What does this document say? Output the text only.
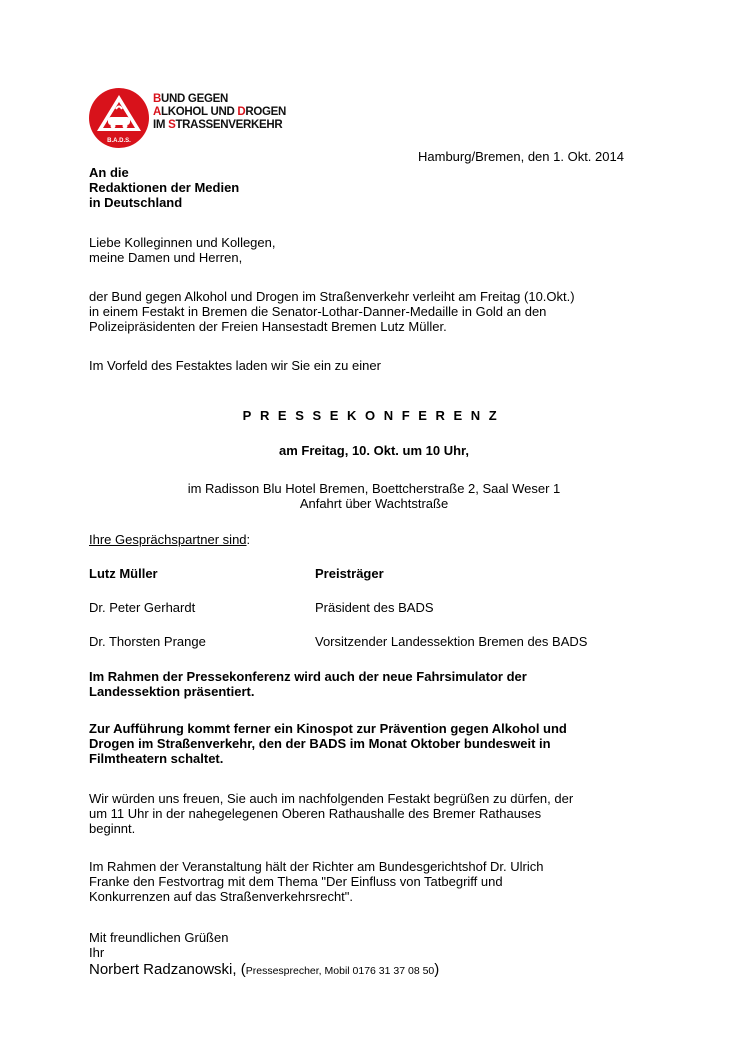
B.A.D.S.
BUND GEGEN
ALKOHOL UND DROGEN
IM STRASSENVERKEHR
Hamburg/Bremen, den 1. Okt. 2014
An die
Redaktionen der Medien
in Deutschland
Liebe Kolleginnen und Kollegen,
meine Damen und Herren,
der Bund gegen Alkohol und Drogen im Straßenverkehr verleiht am Freitag (10.Okt.)
in einem Festakt in Bremen die Senator-Lothar-Danner-Medaille in Gold an den
Polizeipräsidenten der Freien Hansestadt Bremen Lutz Müller.
Im Vorfeld des Festaktes laden wir Sie ein zu einer
PRESSEKONFERENZ
am Freitag, 10. Okt. um 10 Uhr,
im Radisson Blu Hotel Bremen, Boettcherstraße 2, Saal Weser 1
Anfahrt über Wachtstraße
Ihre Gesprächspartner sind:
Lutz Müller	Preisträger
Dr. Peter Gerhardt	Präsident des BADS
Dr. Thorsten Prange	Vorsitzender Landessektion Bremen des BADS
Im Rahmen der Pressekonferenz wird auch der neue Fahrsimulator der
Landessektion präsentiert.
Zur Aufführung kommt ferner ein Kinospot zur Prävention gegen Alkohol und
Drogen im Straßenverkehr, den der BADS im Monat Oktober bundesweit in
Filmtheatern schaltet.
Wir würden uns freuen, Sie auch im nachfolgenden Festakt begrüßen zu dürfen, der
um 11 Uhr in der nahegelegenen Oberen Rathaushalle des Bremer Rathauses
beginnt.
Im Rahmen der Veranstaltung hält der Richter am Bundesgerichtshof Dr. Ulrich
Franke den Festvortrag mit dem Thema "Der Einfluss von Tatbegriff und
Konkurrenzen auf das Straßenverkehrsrecht".
Mit freundlichen Grüßen
Ihr
Norbert Radzanowski, (Pressesprecher, Mobil 0176 31 37 08 50)
